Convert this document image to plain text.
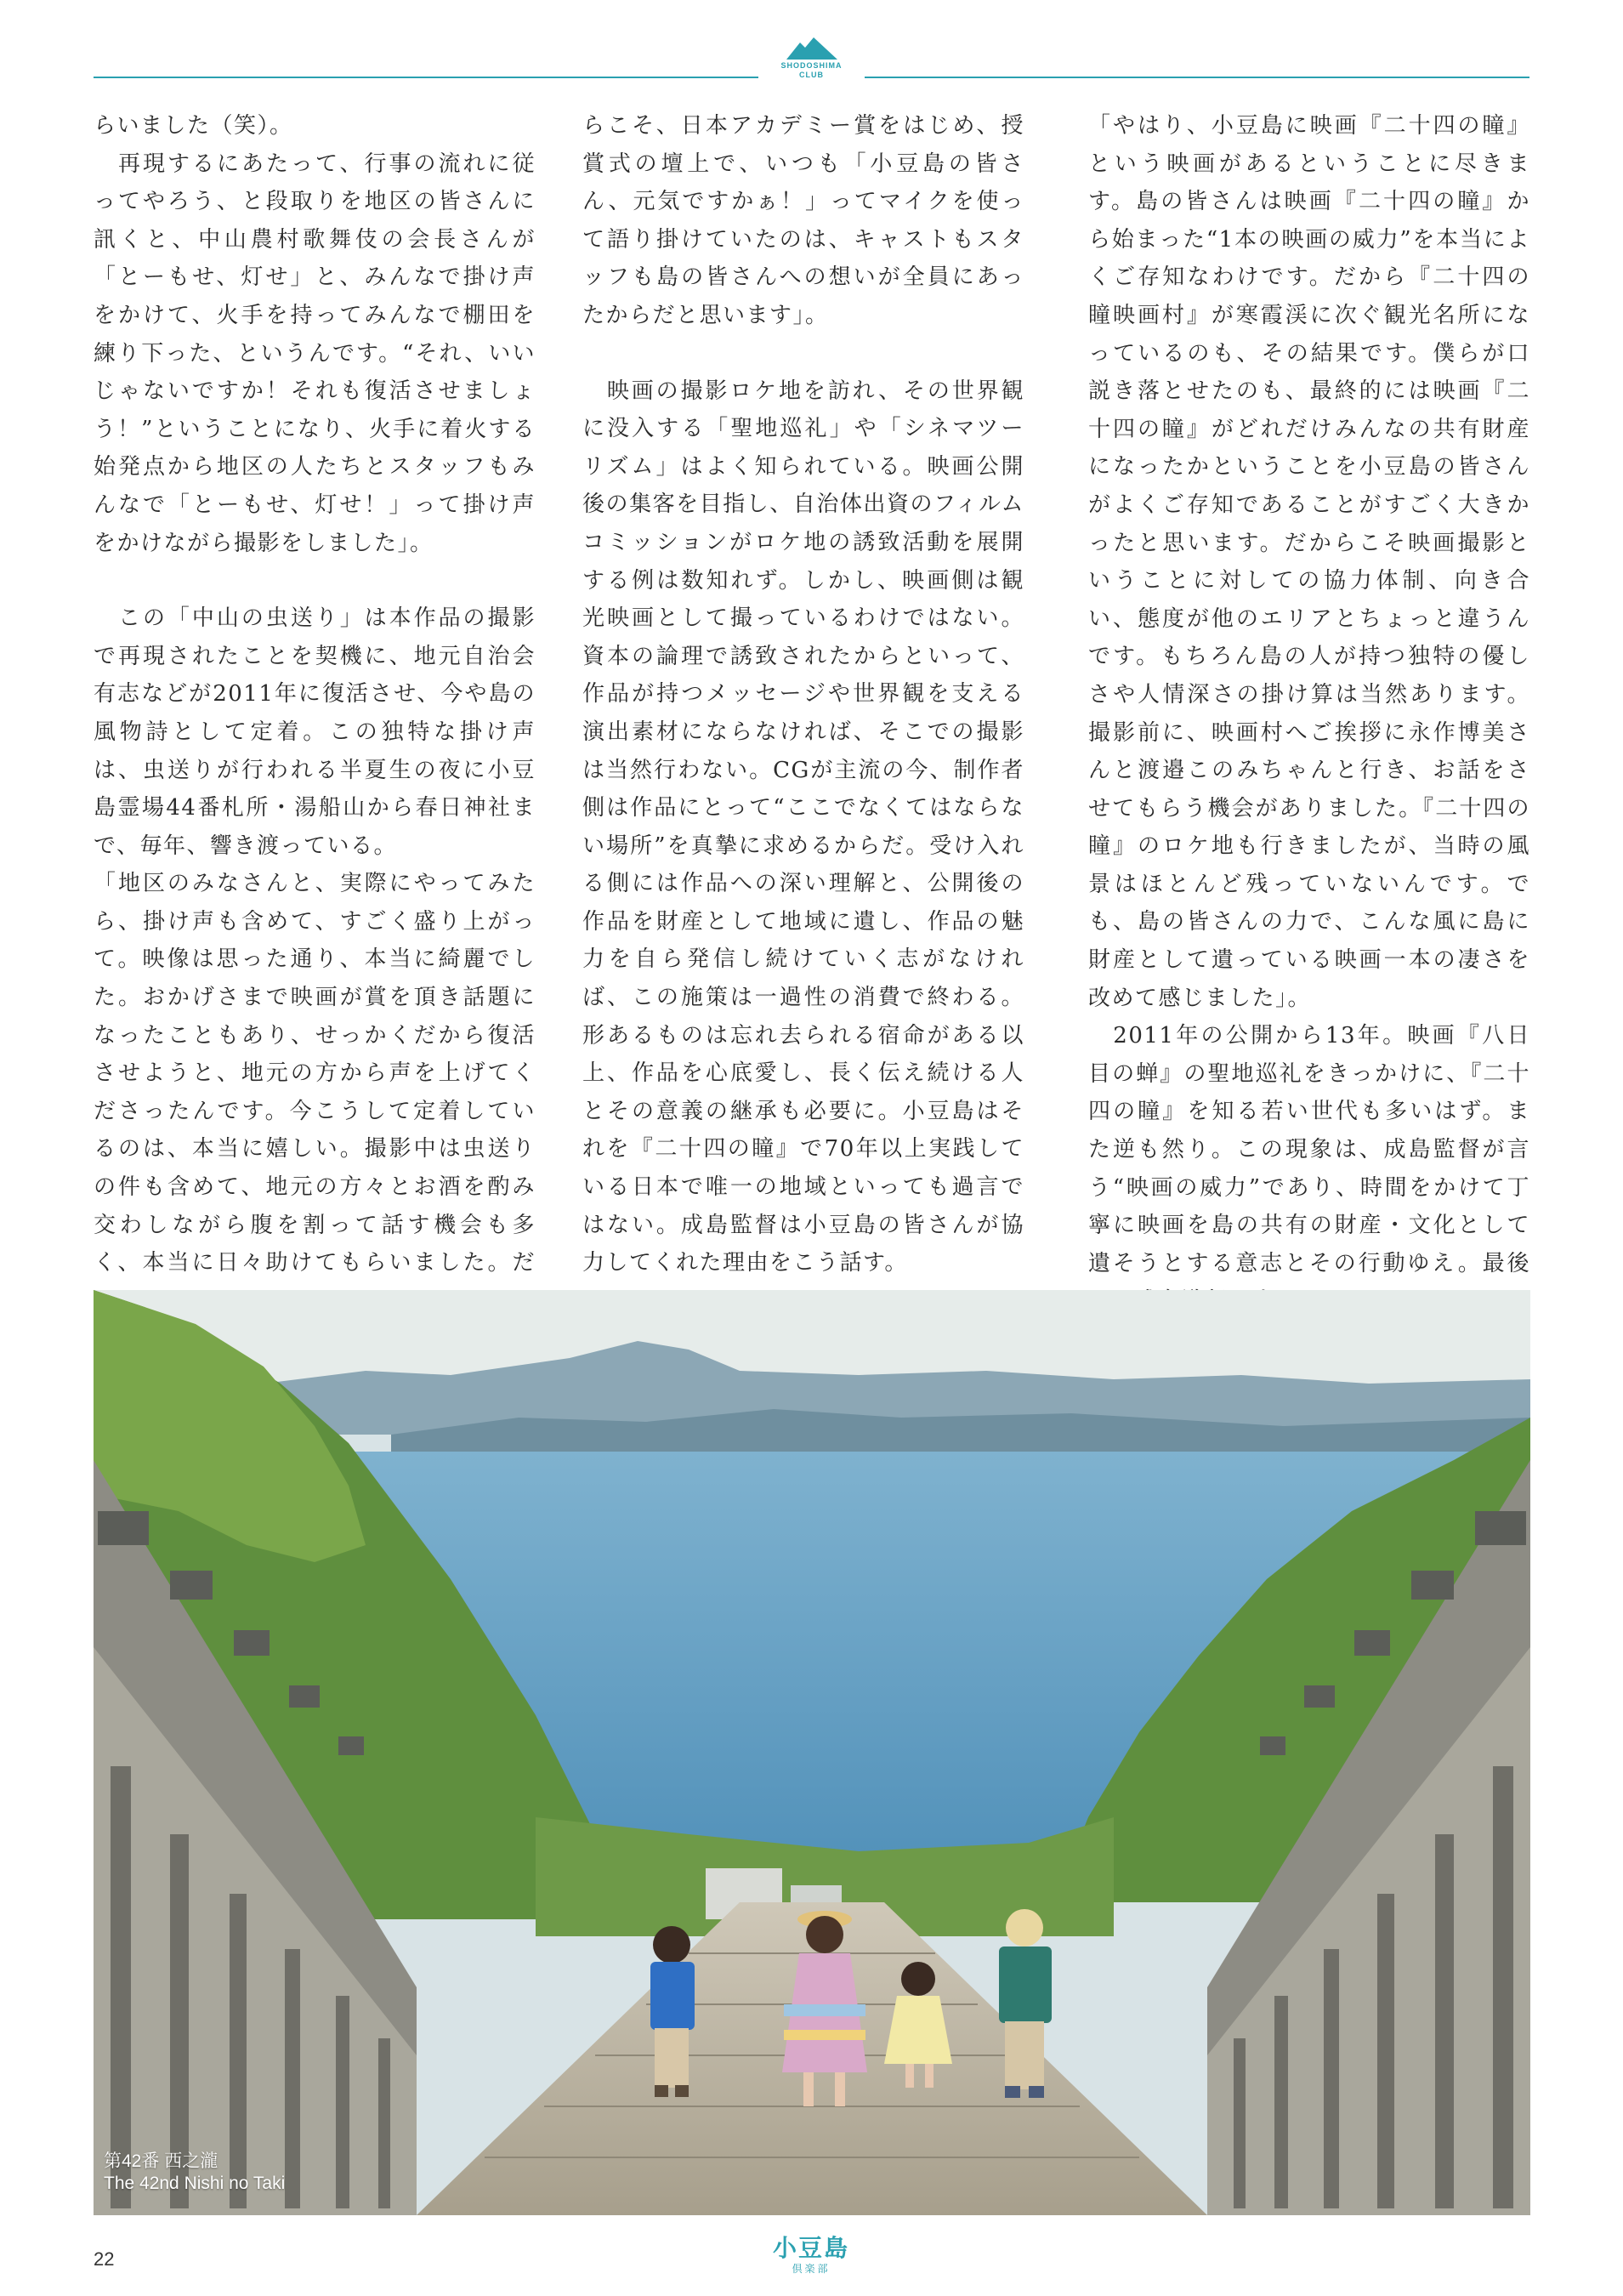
SHODOSHIMA
CLUB

らいました（笑）。

　再現するにあたって、行事の流れに従ってやろう、と段取りを地区の皆さんに訊くと、中山農村歌舞伎の会長さんが「とーもせ、灯せ」と、みんなで掛け声をかけて、火手を持ってみんなで棚田を練り下った、というんです。“それ、いいじゃないですか！それも復活させましょう！”ということになり、火手に着火する始発点から地区の人たちとスタッフもみんなで「とーもせ、灯せ！」って掛け声をかけながら撮影をしました」。

　この「中山の虫送り」は本作品の撮影で再現されたことを契機に、地元自治会有志などが2011年に復活させ、今や島の風物詩として定着。この独特な掛け声は、虫送りが行われる半夏生の夜に小豆島霊場44番札所・湯船山から春日神社まで、毎年、響き渡っている。

「地区のみなさんと、実際にやってみたら、掛け声も含めて、すごく盛り上がって。映像は思った通り、本当に綺麗でした。おかげさまで映画が賞を頂き話題になったこともあり、せっかくだから復活させようと、地元の方から声を上げてくださったんです。今こうして定着しているのは、本当に嬉しい。撮影中は虫送りの件も含めて、地元の方々とお酒を酌み交わしながら腹を割って話す機会も多く、本当に日々助けてもらいました。だ

らこそ、日本アカデミー賞をはじめ、授賞式の壇上で、いつも「小豆島の皆さん、元気ですかぁ！」ってマイクを使って語り掛けていたのは、キャストもスタッフも島の皆さんへの想いが全員にあったからだと思います」。

　映画の撮影ロケ地を訪れ、その世界観に没入する「聖地巡礼」や「シネマツーリズム」はよく知られている。映画公開後の集客を目指し、自治体出資のフィルムコミッションがロケ地の誘致活動を展開する例は数知れず。しかし、映画側は観光映画として撮っているわけではない。資本の論理で誘致されたからといって、作品が持つメッセージや世界観を支える演出素材にならなければ、そこでの撮影は当然行わない。CGが主流の今、制作者側は作品にとって“ここでなくてはならない場所”を真摯に求めるからだ。受け入れる側には作品への深い理解と、公開後の作品を財産として地域に遺し、作品の魅力を自ら発信し続けていく志がなければ、この施策は一過性の消費で終わる。形あるものは忘れ去られる宿命がある以上、作品を心底愛し、長く伝え続ける人とその意義の継承も必要に。小豆島はそれを『二十四の瞳』で70年以上実践している日本で唯一の地域といっても過言ではない。成島監督は小豆島の皆さんが協力してくれた理由をこう話す。

「やはり、小豆島に映画『二十四の瞳』という映画があるということに尽きます。島の皆さんは映画『二十四の瞳』から始まった“1本の映画の威力”を本当によくご存知なわけです。だから『二十四の瞳映画村』が寒霞渓に次ぐ観光名所になっているのも、その結果です。僕らが口説き落とせたのも、最終的には映画『二十四の瞳』がどれだけみんなの共有財産になったかということを小豆島の皆さんがよくご存知であることがすごく大きかったと思います。だからこそ映画撮影ということに対しての協力体制、向き合い、態度が他のエリアとちょっと違うんです。もちろん島の人が持つ独特の優しさや人情深さの掛け算は当然あります。撮影前に、映画村へご挨拶に永作博美さんと渡邉このみちゃんと行き、お話をさせてもらう機会がありました。『二十四の瞳』のロケ地も行きましたが、当時の風景はほとんど残っていないんです。でも、島の皆さんの力で、こんな風に島に財産として遺っている映画一本の凄さを改めて感じました」。

　2011年の公開から13年。映画『八日目の蝉』の聖地巡礼をきっかけに、『二十四の瞳』を知る若い世代も多いはず。また逆も然り。この現象は、成島監督が言う“映画の威力”であり、時間をかけて丁寧に映画を島の共有の財産・文化として遺そうとする意志とその行動ゆえ。最後

第42番 西之瀧
The 42nd Nishi no Taki
22	小豆島
倶楽部
